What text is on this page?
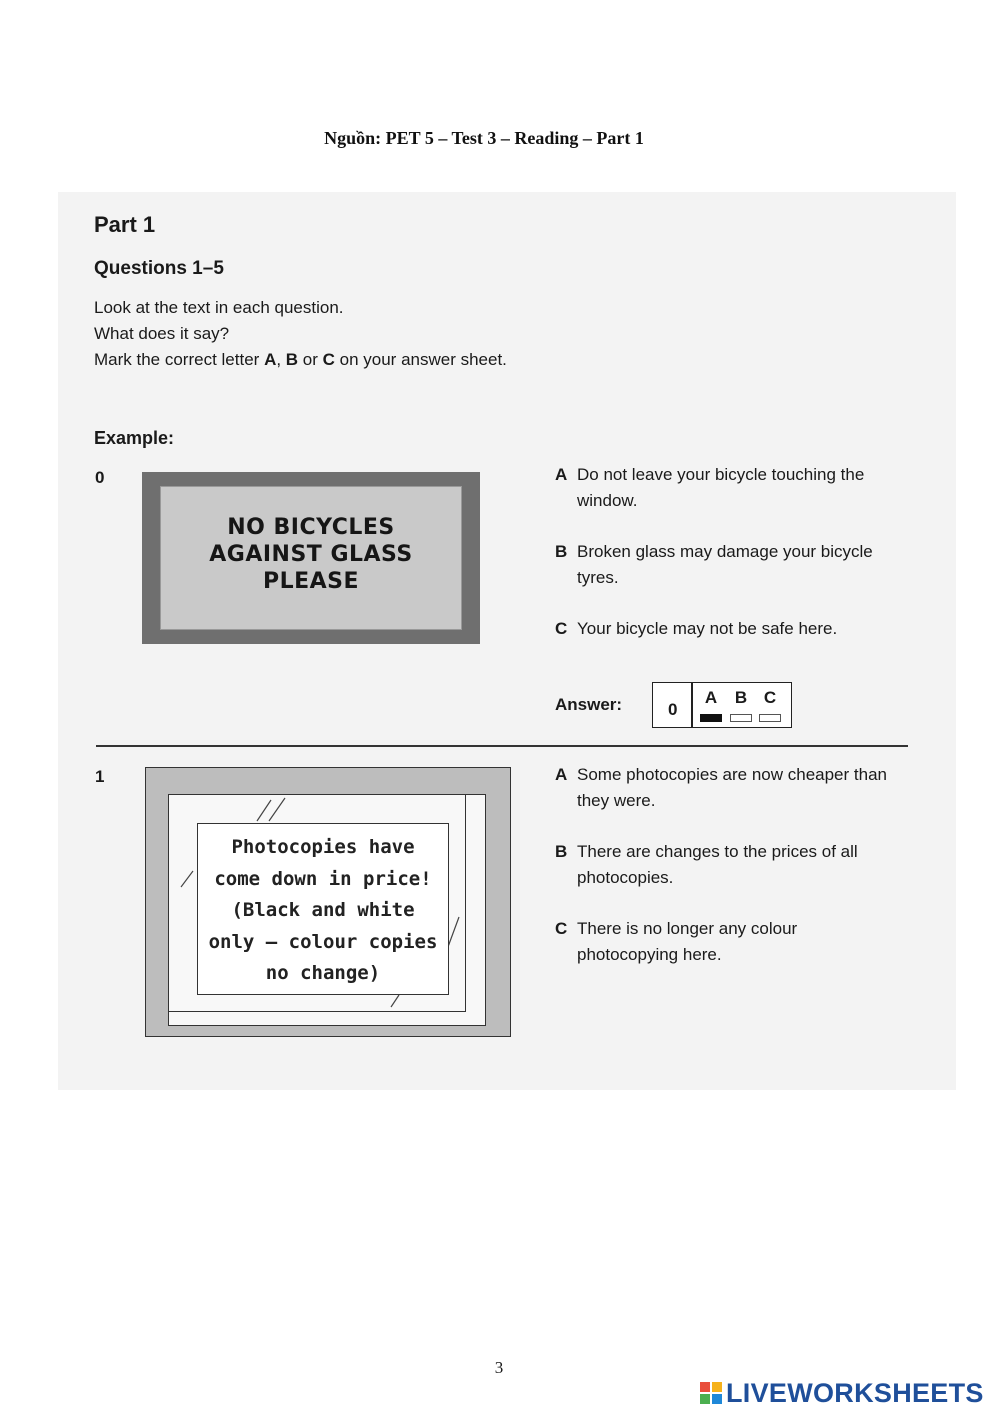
Nguồn: PET 5 – Test 3 – Reading – Part 1
Part 1
Questions 1–5
Look at the text in each question.
What does it say?
Mark the correct letter A, B or C on your answer sheet.
Example:
0
NO BICYCLES
AGAINST GLASS
PLEASE
A Do not leave your bicycle touching the window.
B Broken glass may damage your bicycle tyres.
C Your bicycle may not be safe here.
Answer:	0
A B C
1
Photocopies have
come down in price!
(Black and white
only – colour copies
no change)
A Some photocopies are now cheaper than they were.
B There are changes to the prices of all photocopies.
C There is no longer any colour photocopying here.
3
LIVEWORKSHEETS
